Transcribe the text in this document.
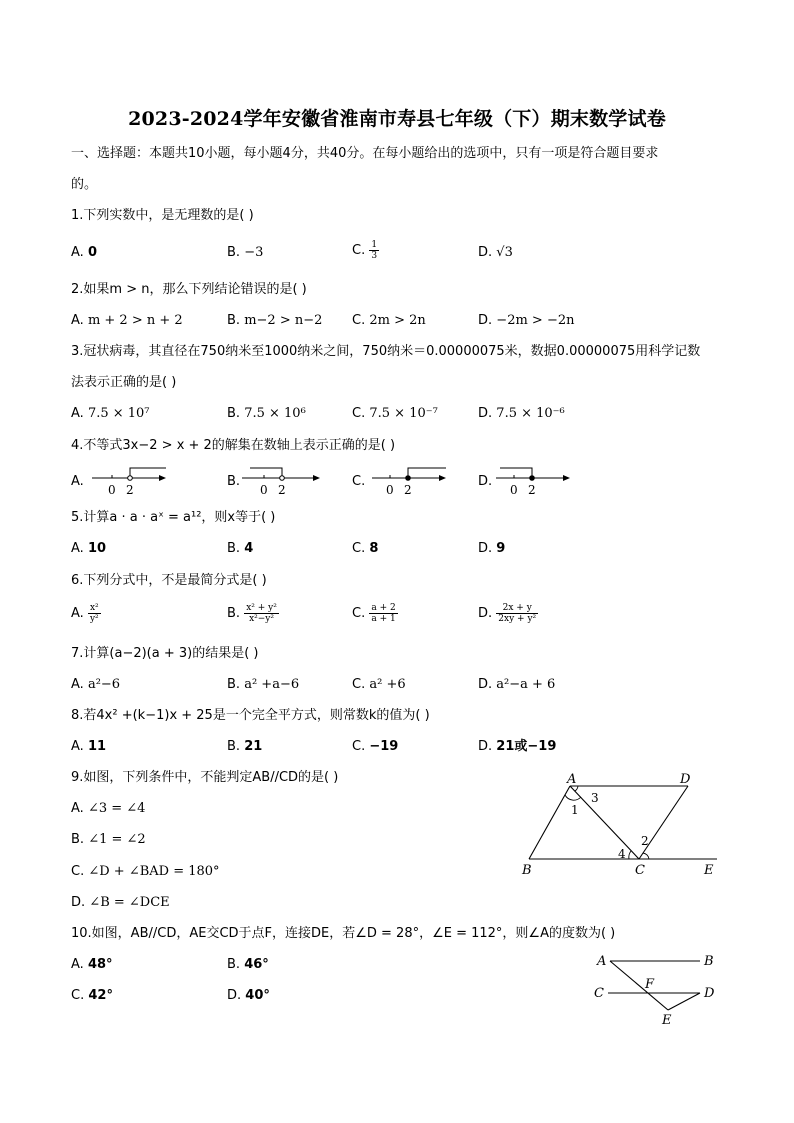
2023-2024学年安徽省淮南市寿县七年级（下）期末数学试卷
一、选择题：本题共10小题，每小题4分，共40分。在每小题给出的选项中，只有一项是符合题目要求
的。
1.下列实数中，是无理数的是( )
A. 0	B. −3	C. $\frac{1}{3}$	D. √3
2.如果m > n，那么下列结论错误的是( )
A. m + 2 > n + 2	B. m−2 > n−2 C. 2m > 2n	D. −2m > −2n
3.冠状病毒，其直径在750纳米至1000纳米之间，750纳米＝0.00000075米，数据0.00000075用科学记数
法表示正确的是( )
A. 7.5 × 10⁷	B. 7.5 × 10⁶	C. 7.5 × 10⁻⁷	D. 7.5 × 10⁻⁶
4.不等式3x−2 > x + 2的解集在数轴上表示正确的是( )
A.
0 2
B.
0 2
C.
0 2
D.
0 2
5.计算a · a · aˣ = a¹²，则x等于( )
A. 10	B. 4	C. 8	D. 9
6.下列分式中，不是最简分式是( )
A. $\frac{\text{x²}}{\text{y²}}$	B. $\frac{\text{x² + y²}}{\text{x²−y²}}$	C. $\frac{a + 2}{a + 1}$	D. $\frac{2x + y}{\text{2xy + y²}}$
7.计算(a−2)(a + 3)的结果是( )
A. a²−6	B. a² +a−6	C. a² +6	D. a²−a + 6
8.若4x² +(k−1)x + 25是一个完全平方式，则常数k的值为( )
A. 11	B. 21	C. −19	D. 21或−19
9.如图，下列条件中，不能判定AB//CD的是( )
A. ∠3 = ∠4
B. ∠1 = ∠2
C. ∠D + ∠BAD = 180°
D. ∠B = ∠DCE
A	D
B	C	E
1
2
3
4
10.如图，AB//CD，AE交CD于点F，连接DE，若∠D = 28°，∠E = 112°，则∠A的度数为( )
A. 48°	B. 46°
C. 42°	D. 40°
A	B
C	D
E
F
